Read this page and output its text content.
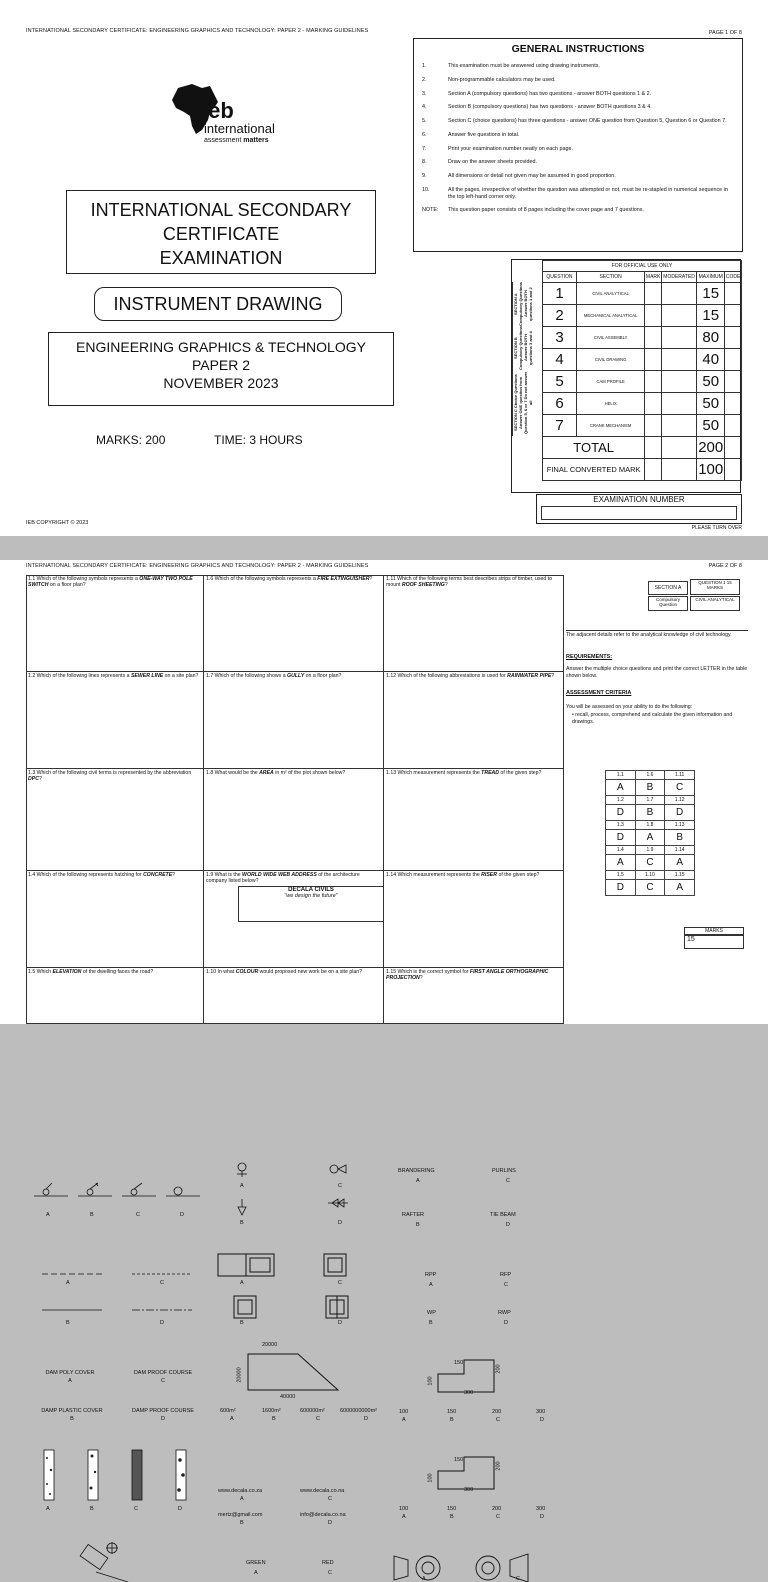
INTERNATIONAL SECONDARY CERTIFICATE: ENGINEERING GRAPHICS AND TECHNOLOGY: PAPER 2 - MARKING GUIDELINES	PAGE 1 OF 8
ieb
international
assessment matters
INTERNATIONAL SECONDARY
CERTIFICATE
EXAMINATION
INSTRUMENT DRAWING
ENGINEERING GRAPHICS & TECHNOLOGY
PAPER 2
NOVEMBER 2023
MARKS: 200	TIME: 3 HOURS
GENERAL INSTRUCTIONS
1.	This examination must be answered using drawing instruments.
2.	Non-programmable calculators may be used.
3.	Section A (compulsory questions) has two questions - answer BOTH questions 1 & 2.
4.	Section B (compulsory questions) has two questions - answer BOTH questions 3 & 4.
5.	Section C (choice questions) has three questions - answer ONE question from Question 5, Question 6 or Question 7.
6.	Answer five questions in total.
7.	Print your examination number neatly on each page.
8.	Draw on the answer sheets provided.
9.	All dimensions or detail not given may be assumed in good proportion.
10.	All the pages, irrespective of whether the question was attempted or not, must be re-stapled in numerical sequence in the top left-hand corner only.
NOTE:	This question paper consists of 8 pages including the cover page and 7 questions.
SECTION A Compulsory Questions Answer BOTH questions 1 and 2
SECTION B Compulsory Questions Answer BOTH questions 3 and 4
SECTION C Choice Questions Answer ONE question from Question 5, 6 or 7 Do not answer all
FOR OFFICIAL USE ONLY					
QUESTION	SECTION	MARK	MODERATED	MAXIMUM	CODE
1	CIVIL ANALYTICAL			15	
2	MECHANICAL ANALYTICAL			15	
3	CIVIL ASSEMBLY			80	
4	CIVIL DRAWING			40	
5	CAM PROFILE			50	
6	HELIX			50	
7	CRANK MECHANISM			50	
TOTAL				200	
FINAL CONVERTED MARK				100	
EXAMINATION NUMBER
IEB COPYRIGHT © 2023
PLEASE TURN OVER
INTERNATIONAL SECONDARY CERTIFICATE: ENGINEERING GRAPHICS AND TECHNOLOGY: PAPER 2 - MARKING GUIDELINES	PAGE 2 OF 8
1.1 Which of the following symbols represents a ONE-WAY TWO POLE SWITCH on a floor plan?
A	B	C	D
1.2 Which of the following lines represents a SEWER LINE on a site plan?
A	C
B	D
1.3 Which of the following civil terms is represented by the abbreviation DPC?
DAM POLY COVER
A
DAM PROOF COURSE
C
DAMP PLASTIC COVER
B
DAMP PROOF COURSE
D
1.4 Which of the following represents hatching for CONCRETE?
A	B	C	D
1.5 Which ELEVATION of the dwelling faces the road?
1.6 Which of the following symbols represents a FIRE EXTINGUISHER?
A	C
B	D
1.7 Which of the following shows a GULLY on a floor plan?
A	C
B	D
1.8 What would be the AREA in m² of the plot shown below?
20000
20000
40000
600m²	1600m²	600000m²	6000000000m²
A	B	C	D
1.9 What is the WORLD WIDE WEB ADDRESS of the architecture company listed below?
DECALA CIVILS
"we design the future"
www.decala.co.za	www.decala.co.na
A	C
mertz@gmail.com	info@decala.co.na
B	D
1.10 In what COLOUR would proposed new work be on a site plan?
GREEN	RED
A	C
1.11 Which of the following terms best describes strips of timber, used to mount ROOF SHEETING?
BRANDERING	PURLINS
A	C
RAFTER	TIE BEAM
B	D
1.12 Which of the following abbreviations is used for RAINWATER PIPE?
RPP	RFP
A	C
WP	RWP
B	D
1.13 Which measurement represents the TREAD of the given step?
150
200
100
300
100	150	200	300
A	B	C	D
1.14 Which measurement represents the RISER of the given step?
150
200
100
300
100	150	200	300
A	B	C	D
1.15 Which is the correct symbol for FIRST ANGLE ORTHOGRAPHIC PROJECTION?
A	C
SECTION A
QUESTION 1 15 MARKS
Compulsory Question
CIVIL ANALYTICAL
The adjacent details refer to the analytical knowledge of civil technology.
REQUIREMENTS:
Answer the multiple choice questions and print the correct LETTER in the table shown below.
ASSESSMENT CRITERIA
You will be assessed on your ability to do the following:
• recall, process, comprehend and calculate the given information and drawings.
1.1	1.6	1.11
A	B	C
1.2	1.7	1.12
D	B	D
1.3	1.8	1.13
D	A	B
1.4	1.9	1.14
A	C	A
1.5	1.10	1.15
D	C	A
MARKS
15
